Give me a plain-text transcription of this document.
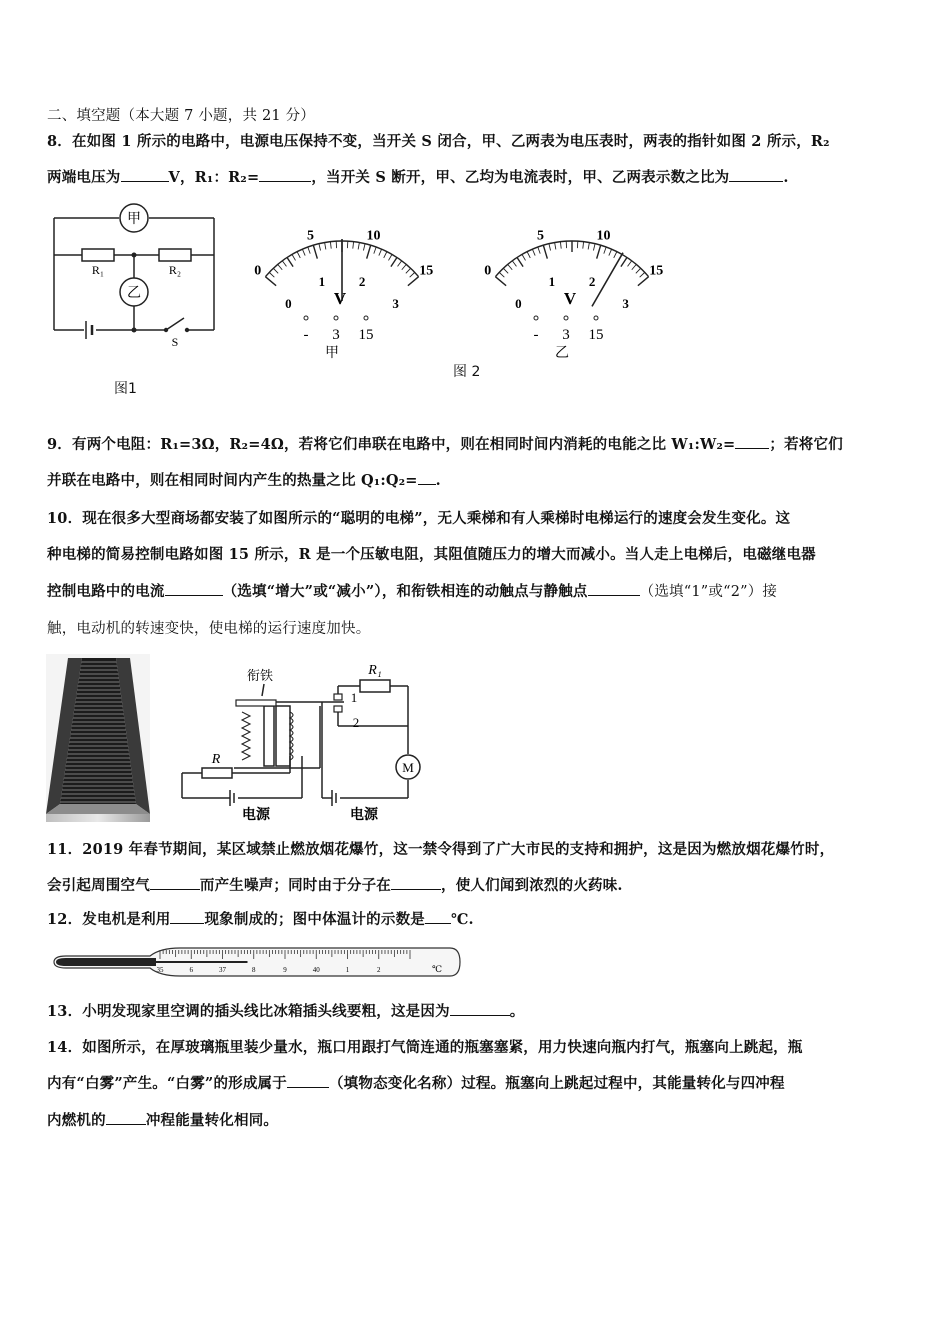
二、填空题（本大题 7 小题，共 21 分）
8．在如图 1 所示的电路中，电源电压保持不变，当开关 S 闭合，甲、乙两表为电压表时，两表的指针如图 2 所示，R₂
两端电压为	V，R₁：R₂=	，当开关 S 断开，甲、乙均为电流表时，甲、乙两表示数之比为	.
甲
乙
R₁	R₂
S
图1
0
5	10
15
0
1	2
3
V
- 3 15
甲
0
5	10
15
0
1	2
3
V
- 3 15
乙
图 2
9．有两个电阻：R₁=3Ω，R₂=4Ω，若将它们串联在电路中，则在相同时间内消耗的电能之比 W₁:W₂= ；若将它们
并联在电路中，则在相同时间内产生的热量之比 Q₁:Q₂= .
10．现在很多大型商场都安装了如图所示的“聪明的电梯”，无人乘梯和有人乘梯时电梯运行的速度会发生变化。这
种电梯的简易控制电路如图 15 所示，R 是一个压敏电阻，其阻值随压力的增大而减小。当人走上电梯后，电磁继电器
控制电路中的电流	（选填“增大”或“减小”），和衔铁相连的动触点与静触点	（选填“1”或“2”）接
触，电动机的转速变快，使电梯的运行速度加快。
衔铁
R
R₁
1
2
M
电源	电源
11．2019 年春节期间，某区域禁止燃放烟花爆竹，这一禁令得到了广大市民的支持和拥护，这是因为燃放烟花爆竹时，
会引起周围空气	而产生噪声；同时由于分子在	，使人们闻到浓烈的火药味.
12．发电机是利用 现象制成的；图中体温计的示数是 ℃.
35	6	37	8	9	40	1	2	℃
13．小明发现家里空调的插头线比冰箱插头线要粗，这是因为	。
14．如图所示，在厚玻璃瓶里装少量水，瓶口用跟打气筒连通的瓶塞塞紧，用力快速向瓶内打气，瓶塞向上跳起，瓶
内有“白雾”产生。“白雾”的形成属于	（填物态变化名称）过程。瓶塞向上跳起过程中，其能量转化与四冲程
内燃机的	冲程能量转化相同。
